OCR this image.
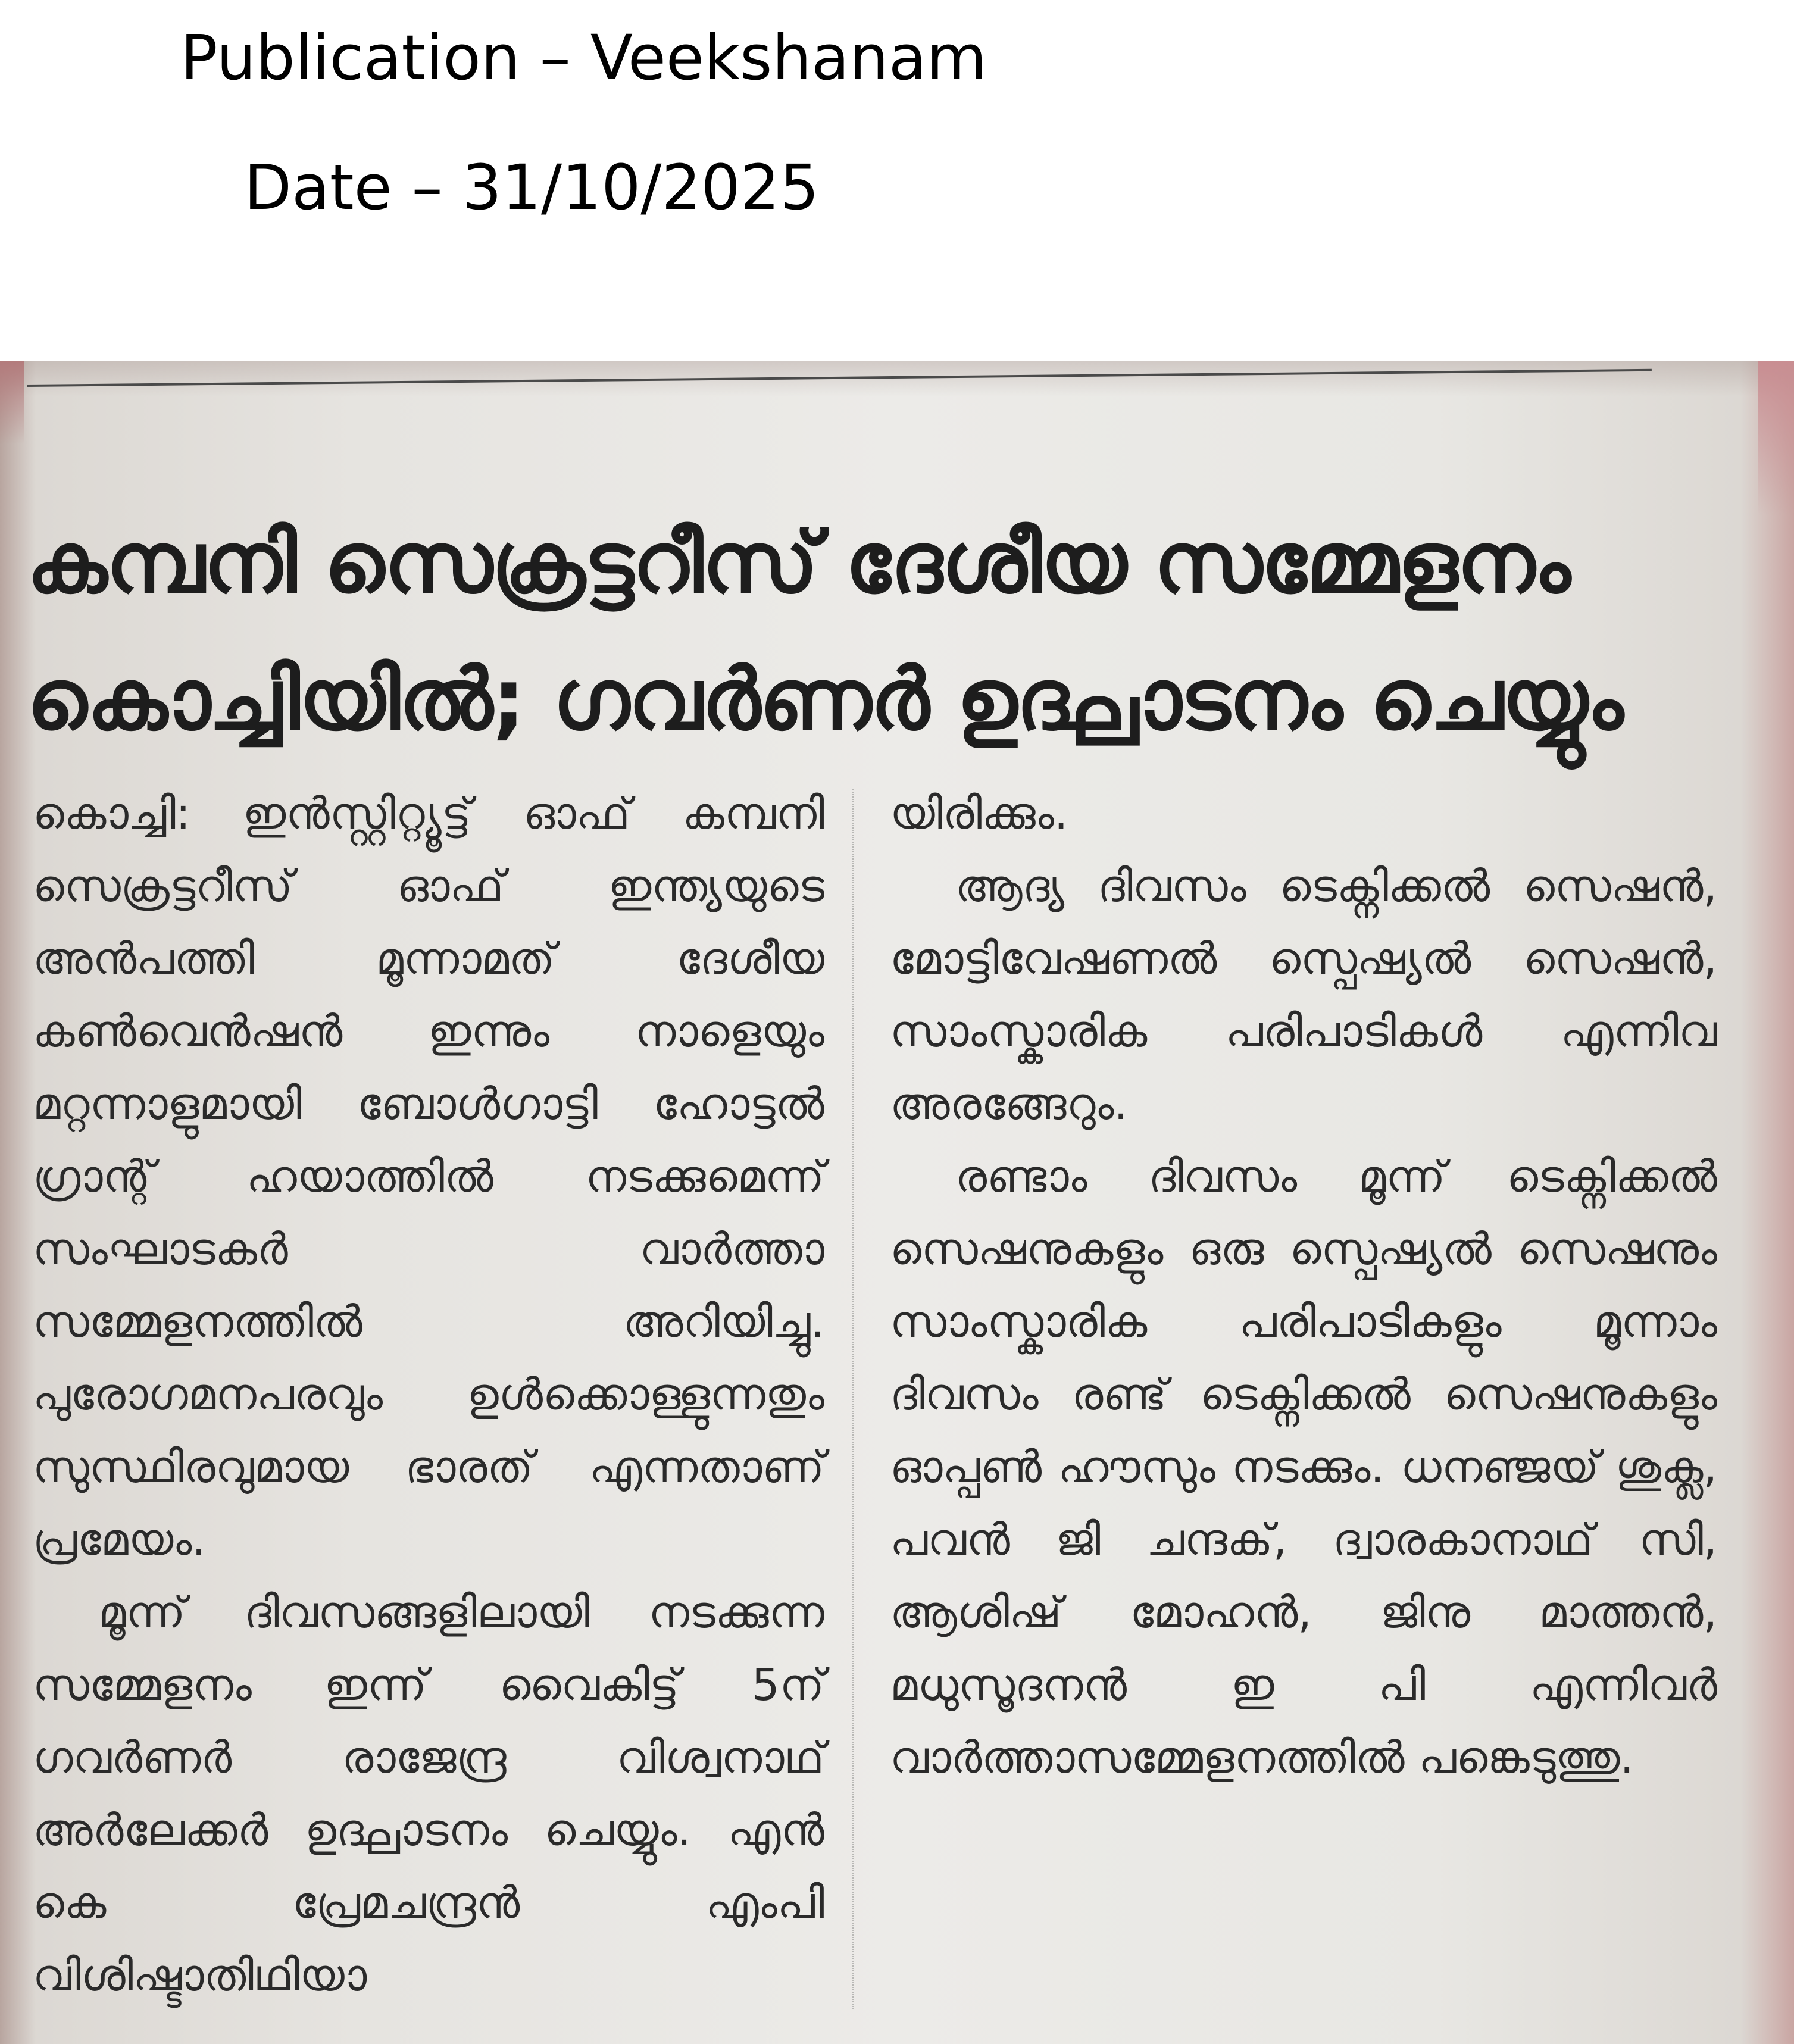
Publication – Veekshanam
Date – 31/10/2025
കമ്പനി സെക്രട്ടറീസ് ദേശീയ സമ്മേളനം
കൊച്ചിയിൽ; ഗവർണർ ഉദ്ഘാടനം ചെയ്യും

കൊച്ചി: ഇൻസ്റ്റിറ്റ്യൂട്ട് ഓഫ് കമ്പനി സെക്രട്ടറീസ് ഓഫ് ഇന്ത്യയുടെ അൻപത്തി മൂന്നാമത് ദേശീയ കൺവെൻഷൻ ഇന്നും നാളെയും മറ്റന്നാളുമായി ബോൾഗാട്ടി ഹോട്ടൽ ഗ്രാന്റ് ഹയാത്തിൽ നടക്കുമെന്ന് സംഘാടകർ വാർത്താ സമ്മേളനത്തിൽ അറിയിച്ചു. പുരോഗമനപരവും ഉൾക്കൊള്ളുന്നതും സുസ്ഥിരവുമായ ഭാരത് എന്നതാണ് പ്രമേയം.

മൂന്ന് ദിവസങ്ങളിലായി നടക്കുന്ന സമ്മേളനം ഇന്ന് വൈകിട്ട് 5ന് ഗവർണർ രാജേന്ദ്ര വിശ്വനാഥ് അർലേക്കർ ഉദ്ഘാടനം ചെയ്യും. എൻ കെ പ്രേമചന്ദ്രൻ എംപി വിശിഷ്ടാതിഥിയാ

യിരിക്കും.

ആദ്യ ദിവസം ടെക്നിക്കൽ സെഷൻ, മോട്ടിവേഷണൽ സ്പെഷ്യൽ സെഷൻ, സാംസ്കാരിക പരിപാടികൾ എന്നിവ അരങ്ങേറും.

രണ്ടാം ദിവസം മൂന്ന് ടെക്നിക്കൽ സെഷനുകളും ഒരു സ്പെഷ്യൽ സെഷനും സാംസ്കാരിക പരിപാടികളും മൂന്നാം ദിവസം രണ്ട് ടെക്നിക്കൽ സെഷനുകളും ഓപ്പൺ ഹൗസും നടക്കും. ധനഞ്ജയ് ശുക്ല, പവൻ ജി ചന്ദക്, ദ്വാരകാനാഥ് സി, ആശിഷ് മോഹൻ, ജിനു മാത്തൻ, മധുസൂദനൻ ഇ പി എന്നിവർ വാർത്താസമ്മേളനത്തിൽ പങ്കെടുത്തു.
